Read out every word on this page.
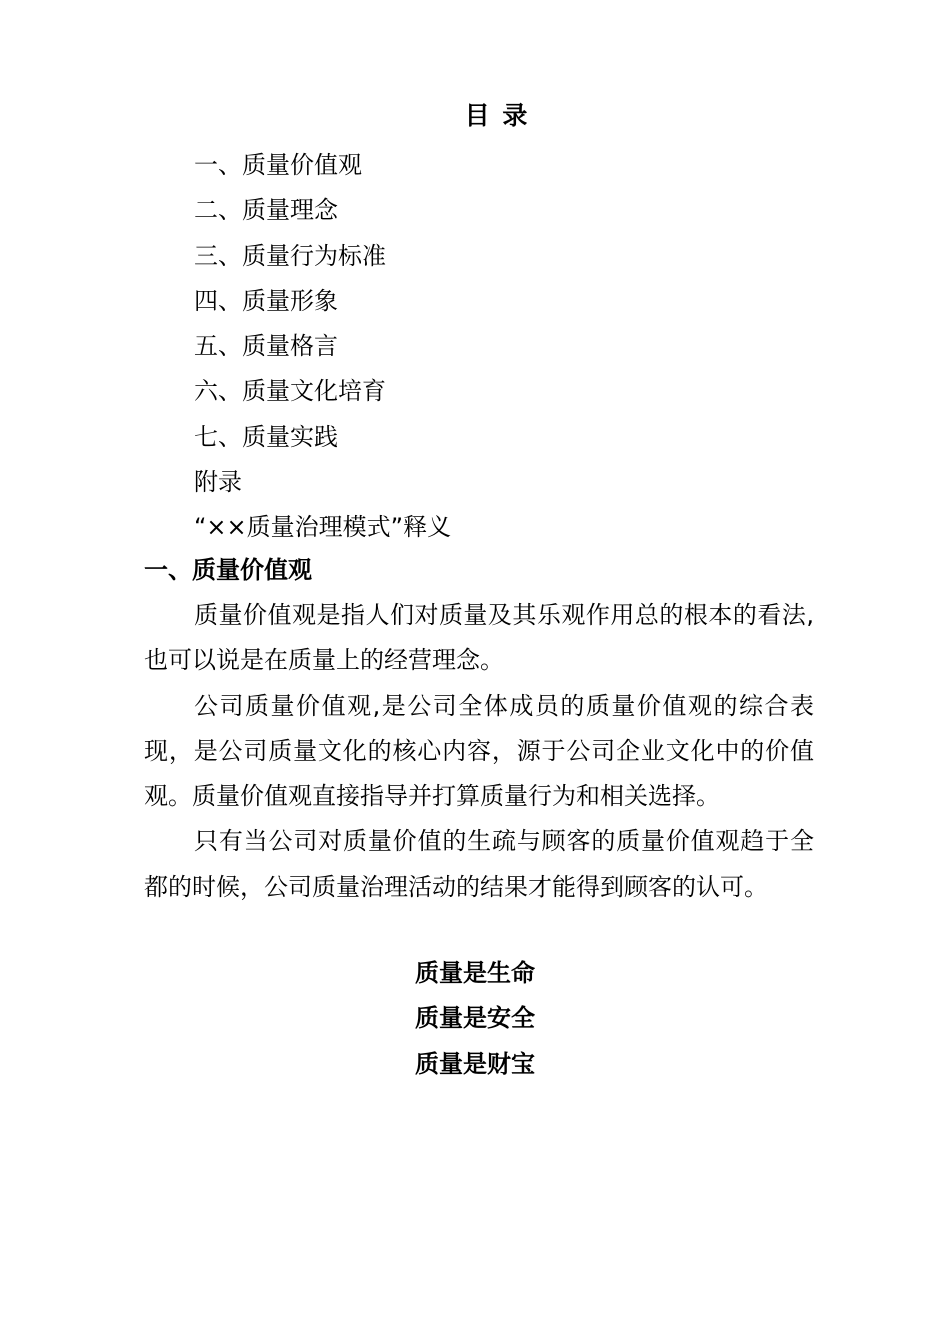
目 录
一、质量价值观
二、质量理念
三、质量行为标准
四、质量形象
五、质量格言
六、质量文化培育
七、质量实践
附录
“××质量治理模式”释义
一、质量价值观

质量价值观是指人们对质量及其乐观作用总的根本的看法,也可以说是在质量上的经营理念。

公司质量价值观,是公司全体成员的质量价值观的综合表现，是公司质量文化的核心内容，源于公司企业文化中的价值观。质量价值观直接指导并打算质量行为和相关选择。

只有当公司对质量价值的生疏与顾客的质量价值观趋于全都的时候，公司质量治理活动的结果才能得到顾客的认可。

质量是生命
质量是安全
质量是财宝
